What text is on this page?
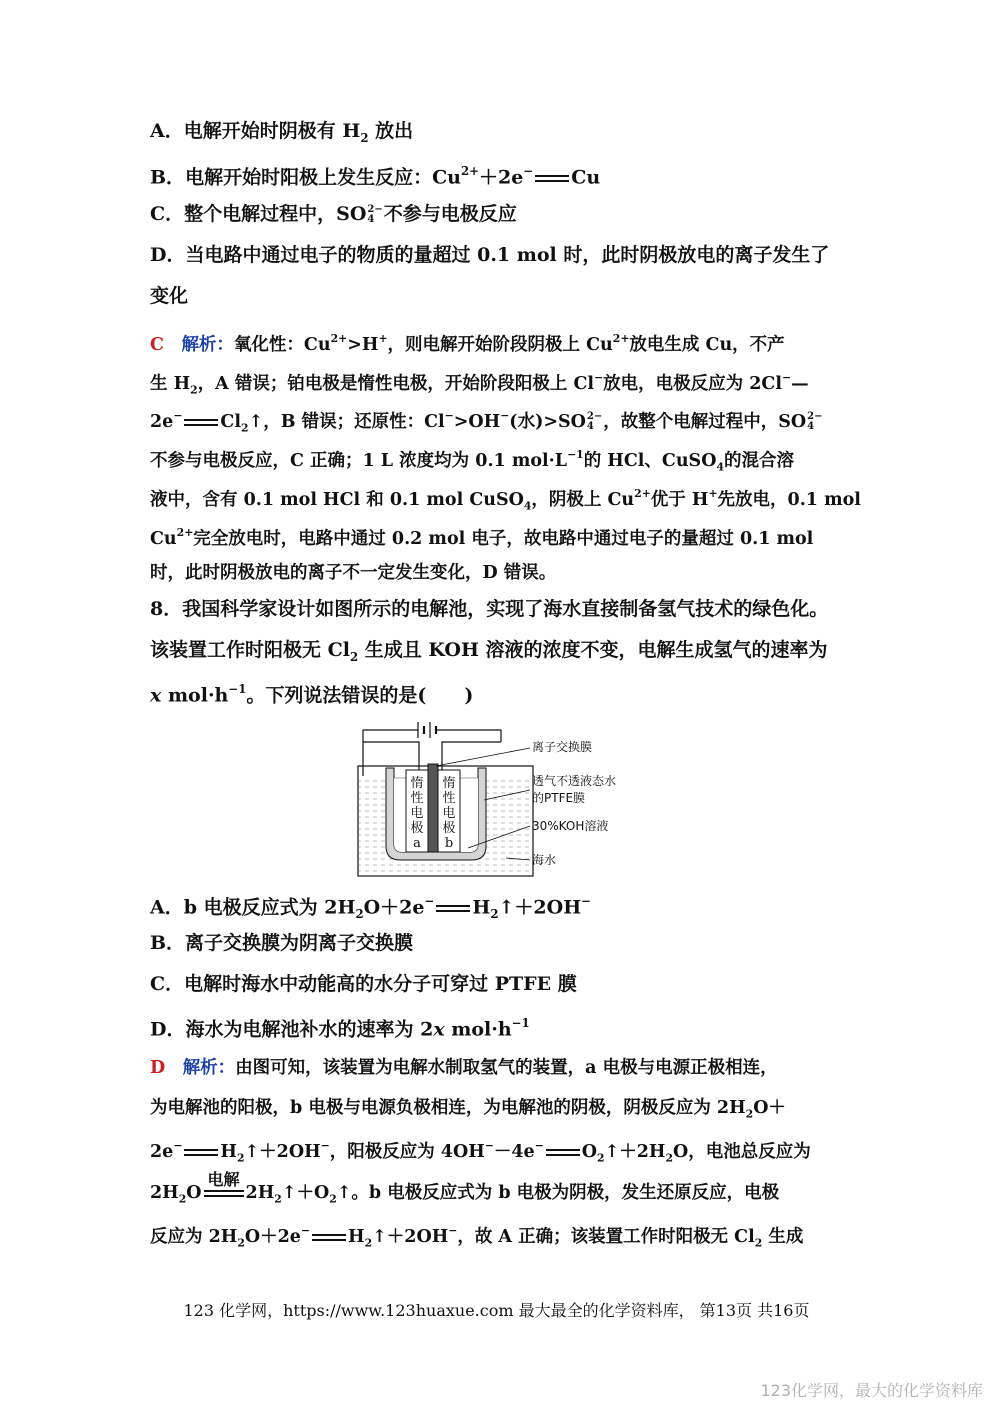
A．电解开始时阴极有 $H_2$ 放出
B．电解开始时阳极上发生反应：$Cu^{2+}+2e^-$ Cu
C．整个电解过程中，SO 2−
4 不参与电极反应
D．当电路中通过电子的物质的量超过 0.1 mol 时，此时阴极放电的离子发生了
变化
C　 解析：氧化性：$Cu^{2+}>H^+$，则电解开始阶段阴极上 $Cu^{2+}$放电生成 Cu，不产
生 $H_2$，A 错误；铂电极是惰性电极，开始阶段阳极上 Cl−放电，电极反应为 2Cl−—
2e− $Cl_2↑$，B 错误；还原性：Cl−>OH−(水)>SO 2−
4 ，故整个电解过程中，SO 2−
4
不参与电极反应，C 正确；1 L 浓度均为 0.1 $mol\cdot L^{-1}$的 HCl、CuSO$_4$的混合溶
液中，含有 0.1 mol HCl 和 0.1 mol CuSO$_4$，阴极上 $Cu^{2+}$优于 H+先放电，0.1 mol
$Cu^{2+}$完全放电时，电路中通过 0.2 mol 电子，故电路中通过电子的量超过 0.1 mol
时，此时阴极放电的离子不一定发生变化，D 错误。
8．我国科学家设计如图所示的电解池，实现了海水直接制备氢气技术的绿色化。
该装置工作时阳极无 $Cl_2$ 生成且 KOH 溶液的浓度不变，电解生成氢气的速率为
x $mol\cdot h^{-1}$。下列说法错误的是(　　)
惰
性
电
极
a
惰
性
电
极
b
离子交换膜
透气不透液态水
的PTFE膜
30%KOH溶液
海水
A．b 电极反应式为 $2H_2O+2e^-$ $H_2↑+2OH^-$
B．离子交换膜为阴离子交换膜
C．电解时海水中动能高的水分子可穿过 PTFE 膜
D．海水为电解池补水的速率为 2x $mol\cdot h^{-1}$
D　 解析：由图可知，该装置为电解水制取氢气的装置，a 电极与电源正极相连，
为电解池的阳极，b 电极与电源负极相连，为电解池的阴极，阴极反应为 $2H_2O+$
2e− $H_2↑+2OH^-$，阳极反应为 4OH−－4e− $O_2↑+2H_2O$，电池总反应为
$2H_2O$
电解
$2H_2↑+O_2↑$。b 电极反应式为 b 电极为阴极，发生还原反应，电极
反应为 $2H_2O+2e^-$ $H_2↑+2OH^-$，故 A 正确；该装置工作时阳极无 $Cl_2$ 生成
123 化学网，https://www.123huaxue.com 最大最全的化学资料库， 第13页 共16页
123化学网，最大的化学资料库
